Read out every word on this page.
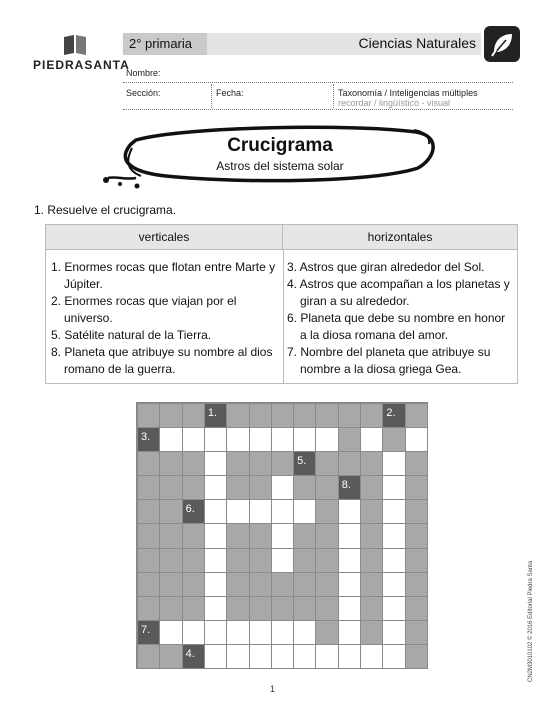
PIEDRASANTA
2° primaria	Ciencias Naturales
Nombre:
Sección:	Fecha:	Taxonomía / Inteligencias múltiples
recordar / lingüístico - visual
Crucigrama
Astros del sistema solar
1. Resuelve el crucigrama.
verticales	horizontales
1. Enormes rocas que flotan entre Marte y Júpiter.
2. Enormes rocas que viajan por el universo.
5. Satélite natural de la Tierra.
8. Planeta que atribuye su nombre al dios romano de la guerra.
3. Astros que giran alrededor del Sol.
4. Astros que acompañan a los planetas y giran a su alrededor.
6. Planeta que debe su nombre en honor a la diosa romana del amor.
7. Nombre del planeta que atribuye su nombre a la diosa griega Gea.
1.	2.
3.
5.
8.
6.
7.
4.
1
CN2M3010102 © 2016 Editorial Piedra Santa
